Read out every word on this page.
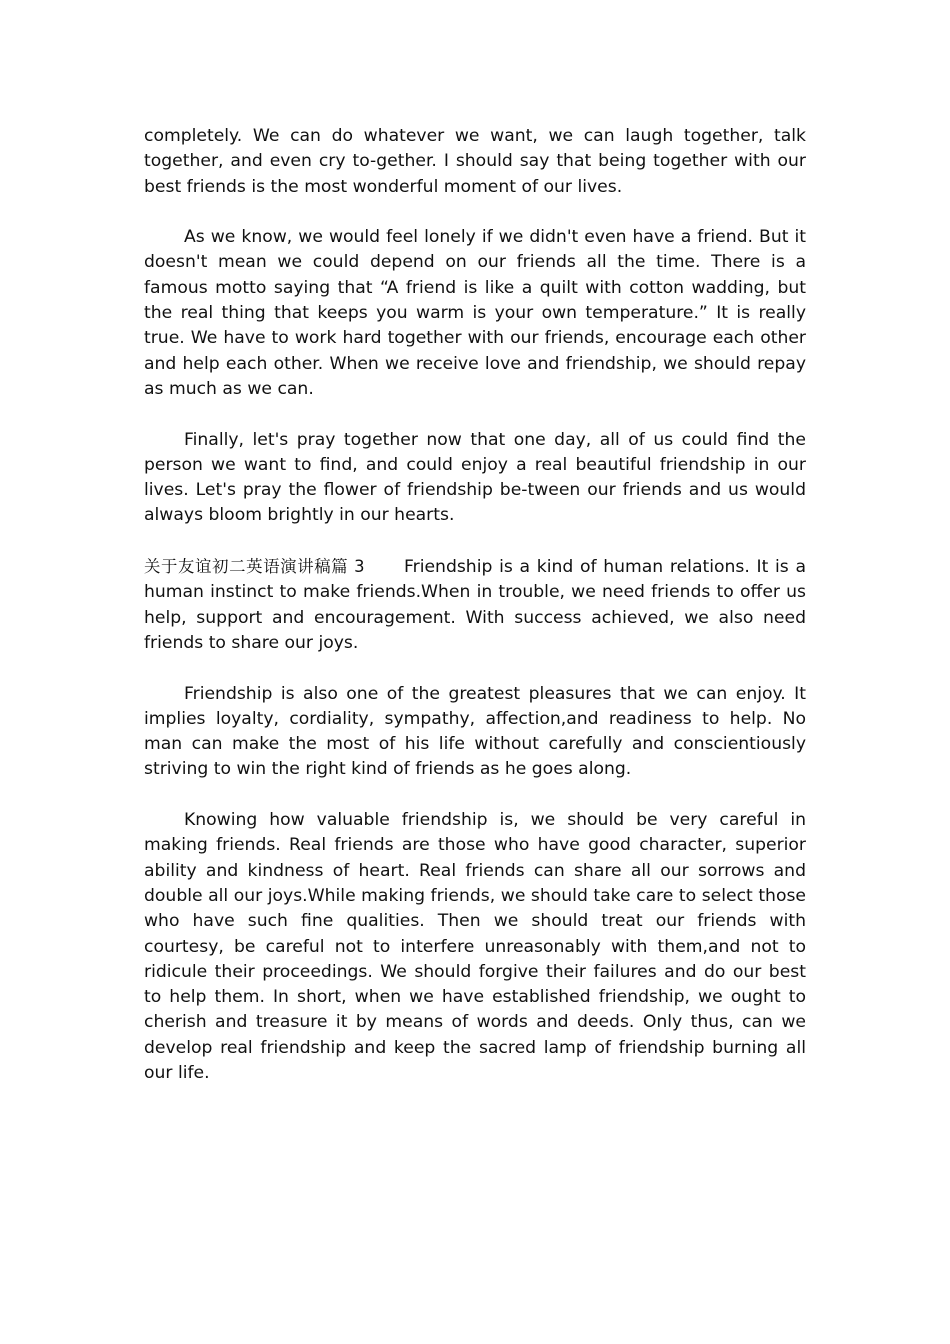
completely. We can do whatever we want, we can laugh together, talk together, and even cry to-gether. I should say that being together with our best friends is the most wonderful moment of our lives.

As we know, we would feel lonely if we didn't even have a friend. But it doesn't mean we could depend on our friends all the time. There is a famous motto saying that “A friend is like a quilt with cotton wadding, but the real thing that keeps you warm is your own temperature.” It is really true. We have to work hard together with our friends, encourage each other and help each other. When we receive love and friendship, we should repay as much as we can.

Finally, let's pray together now that one day, all of us could find the person we want to find, and could enjoy a real beautiful friendship in our lives. Let's pray the flower of friendship be-tween our friends and us would always bloom brightly in our hearts.

关于友谊初二英语演讲稿篇 3 Friendship is a kind of human relations. It is a human instinct to make friends.When in trouble, we need friends to offer us help, support and encouragement. With success achieved, we also need friends to share our joys.

Friendship is also one of the greatest pleasures that we can enjoy. It implies loyalty, cordiality, sympathy, affection,and readiness to help. No man can make the most of his life without carefully and conscientiously striving to win the right kind of friends as he goes along.

Knowing how valuable friendship is, we should be very careful in making friends. Real friends are those who have good character, superior ability and kindness of heart. Real friends can share all our sorrows and double all our joys.While making friends, we should take care to select those who have such fine qualities. Then we should treat our friends with courtesy, be careful not to interfere unreasonably with them,and not to ridicule their proceedings. We should forgive their failures and do our best to help them. In short, when we have established friendship, we ought to cherish and treasure it by means of words and deeds. Only thus, can we develop real friendship and keep the sacred lamp of friendship burning all our life.
